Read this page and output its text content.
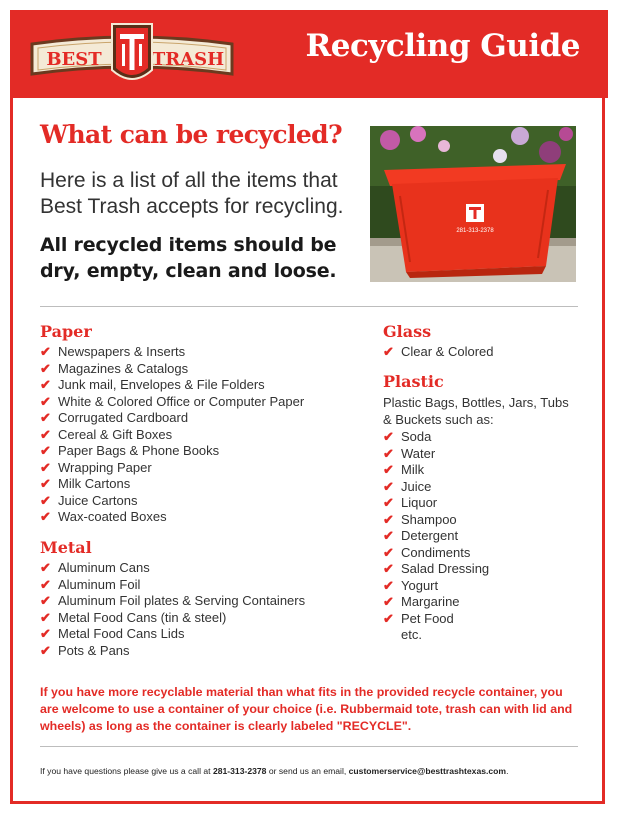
BEST	TRASH	Recycling Guide
What can be recycled?
Here is a list of all the items that Best Trash accepts for recycling.
All recycled items should be dry, empty, clean and loose.
281-313-2378
Paper
✔ Newspapers & Inserts
✔ Magazines & Catalogs
✔ Junk mail, Envelopes & File Folders
✔ White & Colored Office or Computer Paper
✔ Corrugated Cardboard
✔ Cereal & Gift Boxes
✔ Paper Bags & Phone Books
✔ Wrapping Paper
✔ Milk Cartons
✔ Juice Cartons
✔ Wax-coated Boxes
Metal
✔ Aluminum Cans
✔ Aluminum Foil
✔ Aluminum Foil plates & Serving Containers
✔ Metal Food Cans (tin & steel)
✔ Metal Food Cans Lids
✔ Pots & Pans
Glass
✔ Clear & Colored
Plastic
Plastic Bags, Bottles, Jars, Tubs & Buckets such as:
✔ Soda
✔ Water
✔ Milk
✔ Juice
✔ Liquor
✔ Shampoo
✔ Detergent
✔ Condiments
✔ Salad Dressing
✔ Yogurt
✔ Margarine
✔ Pet Food
etc.
If you have more recyclable material than what fits in the provided recycle container, you are welcome to use a container of your choice (i.e. Rubbermaid tote, trash can with lid and wheels) as long as the container is clearly labeled "RECYCLE".
If you have questions please give us a call at 281-313-2378 or send us an email, customerservice@besttrashtexas.com.
